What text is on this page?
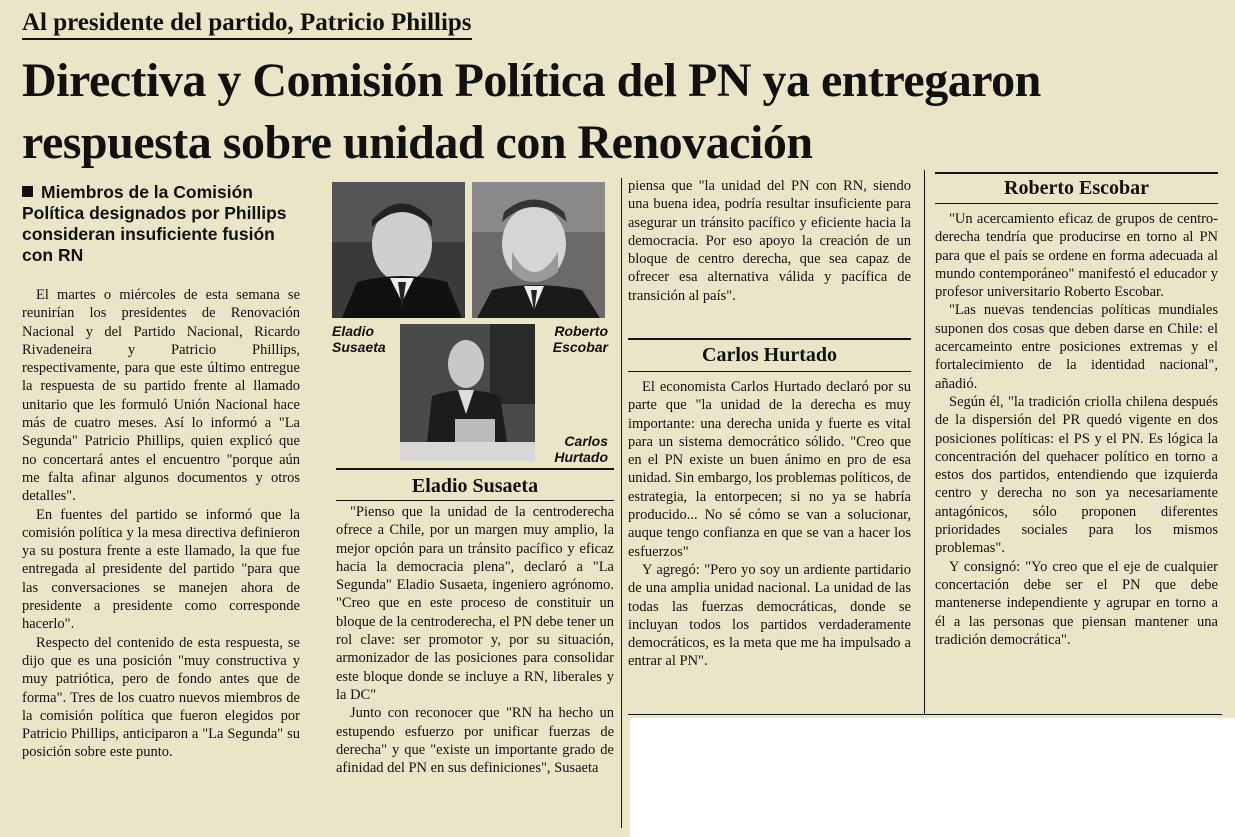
Al presidente del partido, Patricio Phillips
Directiva y Comisión Política del PN ya entregaron respuesta sobre unidad con Renovación
Miembros de la Comisión Política designados por Phillips consideran insuficiente fusión con RN

El martes o miércoles de esta semana se reunirían los presidentes de Renovación Nacional y del Partido Nacional, Ricardo Rivadeneira y Patricio Phillips, respectivamente, para que este último entregue la respuesta de su partido frente al llamado unitario que les formuló Unión Nacional hace más de cuatro meses. Así lo informó a "La Segunda" Patricio Phillips, quien explicó que no concertará antes el encuentro "porque aún me falta afinar algunos documentos y otros detalles".

En fuentes del partido se informó que la comisión política y la mesa directiva definieron ya su postura frente a este llamado, la que fue entregada al presidente del partido "para que las conversaciones se manejen ahora de presidente a presidente como corresponde hacerlo".

Respecto del contenido de esta respuesta, se dijo que es una posición "muy constructiva y muy patriótica, pero de fondo antes que de forma". Tres de los cuatro nuevos miembros de la comisión política que fueron elegidos por Patricio Phillips, anticiparon a "La Segunda" su posición sobre este punto.

Eladio Susaeta
Roberto Escobar
Carlos Hurtado
Eladio Susaeta

"Pienso que la unidad de la centroderecha ofrece a Chile, por un margen muy amplio, la mejor opción para un tránsito pacífico y eficaz hacia la democracia plena", declaró a "La Segunda" Eladio Susaeta, ingeniero agrónomo. "Creo que en este proceso de constituir un bloque de la centroderecha, el PN debe tener un rol clave: ser promotor y, por su situación, armonizador de las posiciones para consolidar este bloque donde se incluye a RN, liberales y la DC"

Junto con reconocer que "RN ha hecho un estupendo esfuerzo por unificar fuerzas de derecha" y que "existe un importante grado de afinidad del PN en sus definiciones", Susaeta

piensa que "la unidad del PN con RN, siendo una buena idea, podría resultar insuficiente para asegurar un tránsito pacífico y eficiente hacia la democracia. Por eso apoyo la creación de un bloque de centro derecha, que sea capaz de ofrecer esa alternativa válida y pacífica de transición al país".

Carlos Hurtado

El economista Carlos Hurtado declaró por su parte que "la unidad de la derecha es muy importante: una derecha unida y fuerte es vital para un sistema democrático sólido. "Creo que en el PN existe un buen ánimo en pro de esa unidad. Sin embargo, los problemas políticos, de estrategia, la entorpecen; si no ya se habría producido... No sé cómo se van a solucionar, auque tengo confianza en que se van a hacer los esfuerzos"

Y agregó: "Pero yo soy un ardiente partidario de una amplia unidad nacional. La unidad de las todas las fuerzas democráticas, donde se incluyan todos los partidos verdaderamente democráticos, es la meta que me ha impulsado a entrar al PN".

Roberto Escobar

"Un acercamiento eficaz de grupos de centro-derecha tendría que producirse en torno al PN para que el país se ordene en forma adecuada al mundo contemporáneo" manifestó el educador y profesor universitario Roberto Escobar.

"Las nuevas tendencias políticas mundiales suponen dos cosas que deben darse en Chile: el acercameinto entre posiciones extremas y el fortalecimiento de la identidad nacional", añadió.

Según él, "la tradición criolla chilena después de la dispersión del PR quedó vigente en dos posiciones políticas: el PS y el PN. Es lógica la concentración del quehacer político en torno a estos dos partidos, entendiendo que izquierda centro y derecha no son ya necesariamente antagónicos, sólo proponen diferentes prioridades sociales para los mismos problemas".

Y consignó: "Yo creo que el eje de cualquier concertación debe ser el PN que debe mantenerse independiente y agrupar en torno a él a las personas que piensan mantener una tradición democrática".
